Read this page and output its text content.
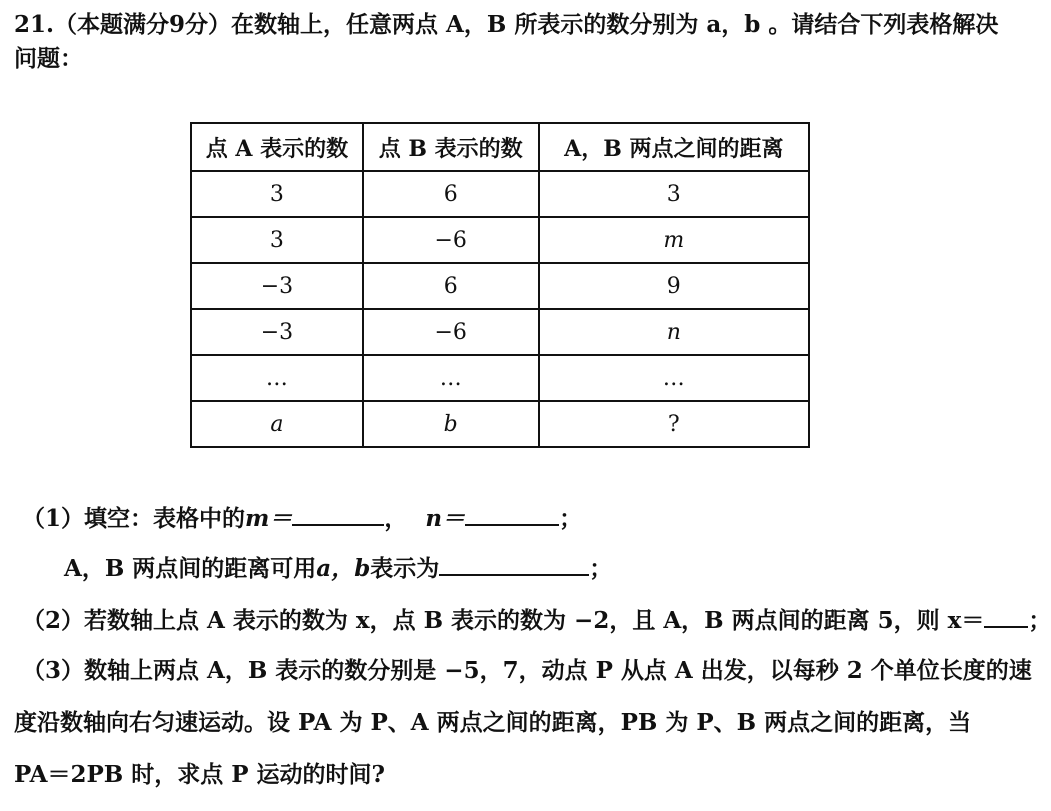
21.（本题满分9分）在数轴上，任意两点 A，B 所表示的数分别为 a，b 。请结合下列表格解决
问题：
点 A 表示的数	点 B 表示的数	A，B 两点之间的距离
3	6	3
3	−6	m
−3	6	9
−3	−6	n
…	…	…
a	b	?
（1）填空：表格中的m＝	， n＝	；
A，B 两点间的距离可用a，b表示为	；
（2）若数轴上点 A 表示的数为 x，点 B 表示的数为 −2，且 A，B 两点间的距离 5，则 x＝ ；
（3）数轴上两点 A，B 表示的数分别是 −5，7，动点 P 从点 A 出发，以每秒 2 个单位长度的速
度沿数轴向右匀速运动。设 PA 为 P、A 两点之间的距离，PB 为 P、B 两点之间的距离，当
PA＝2PB 时，求点 P 运动的时间?
